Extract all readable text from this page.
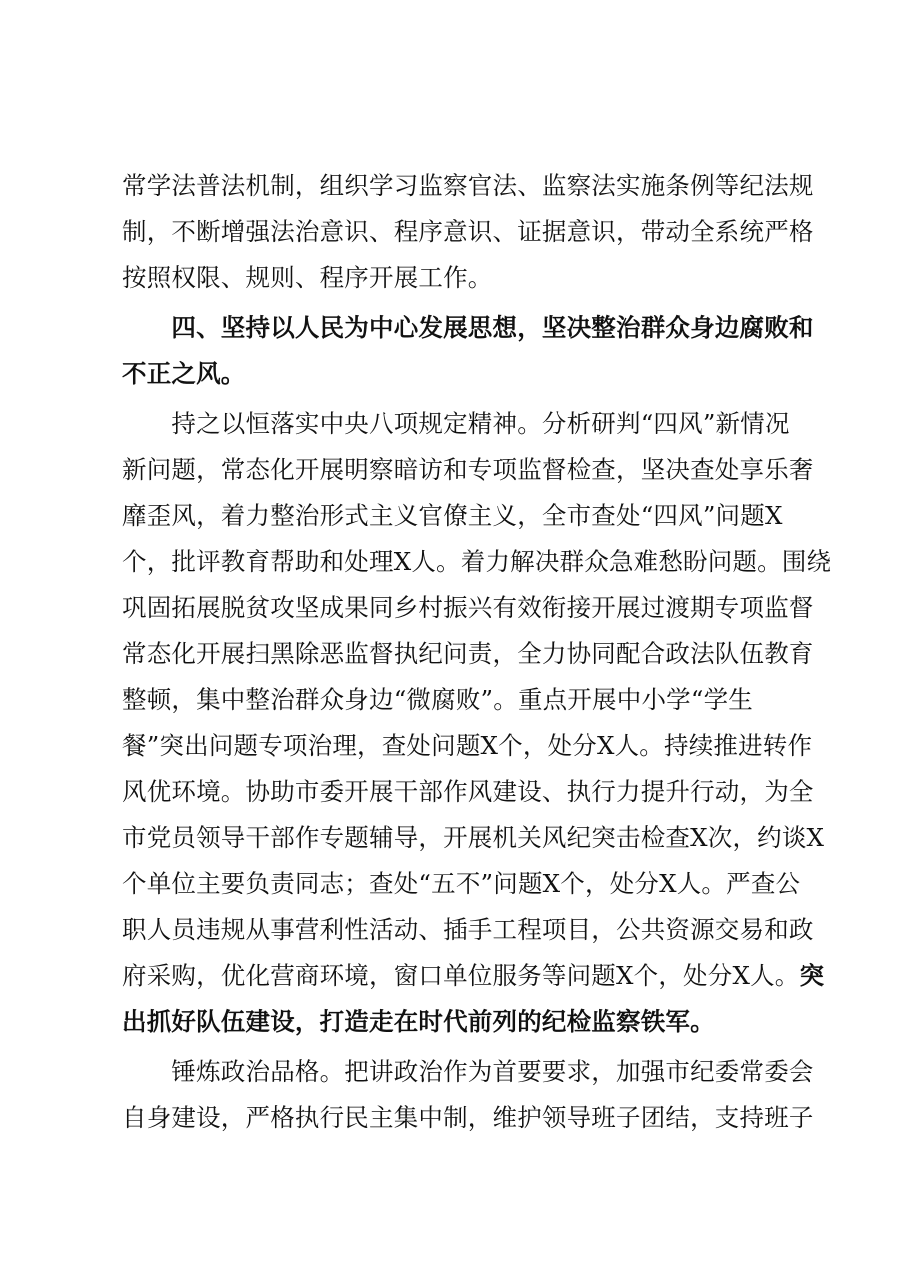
常学法普法机制，组织学习监察官法、监察法实施条例等纪法规
制，不断增强法治意识、程序意识、证据意识，带动全系统严格
按照权限、规则、程序开展工作。
　　四、坚持以人民为中心发展思想，坚决整治群众身边腐败和
不正之风。
　　持之以恒落实中央八项规定精神。分析研判“四风”新情况
新问题，常态化开展明察暗访和专项监督检查，坚决查处享乐奢
靡歪风，着力整治形式主义官僚主义，全市查处“四风”问题X
个，批评教育帮助和处理X人。着力解决群众急难愁盼问题。围绕
巩固拓展脱贫攻坚成果同乡村振兴有效衔接开展过渡期专项监督
常态化开展扫黑除恶监督执纪问责，全力协同配合政法队伍教育
整顿，集中整治群众身边“微腐败”。重点开展中小学“学生
餐”突出问题专项治理，查处问题X个，处分X人。持续推进转作
风优环境。协助市委开展干部作风建设、执行力提升行动，为全
市党员领导干部作专题辅导，开展机关风纪突击检查X次，约谈X
个单位主要负责同志；查处“五不”问题X个，处分X人。严查公
职人员违规从事营利性活动、插手工程项目，公共资源交易和政
府采购，优化营商环境，窗口单位服务等问题X个，处分X人。突
出抓好队伍建设，打造走在时代前列的纪检监察铁军。
　　锤炼政治品格。把讲政治作为首要要求，加强市纪委常委会
自身建设，严格执行民主集中制，维护领导班子团结，支持班子
